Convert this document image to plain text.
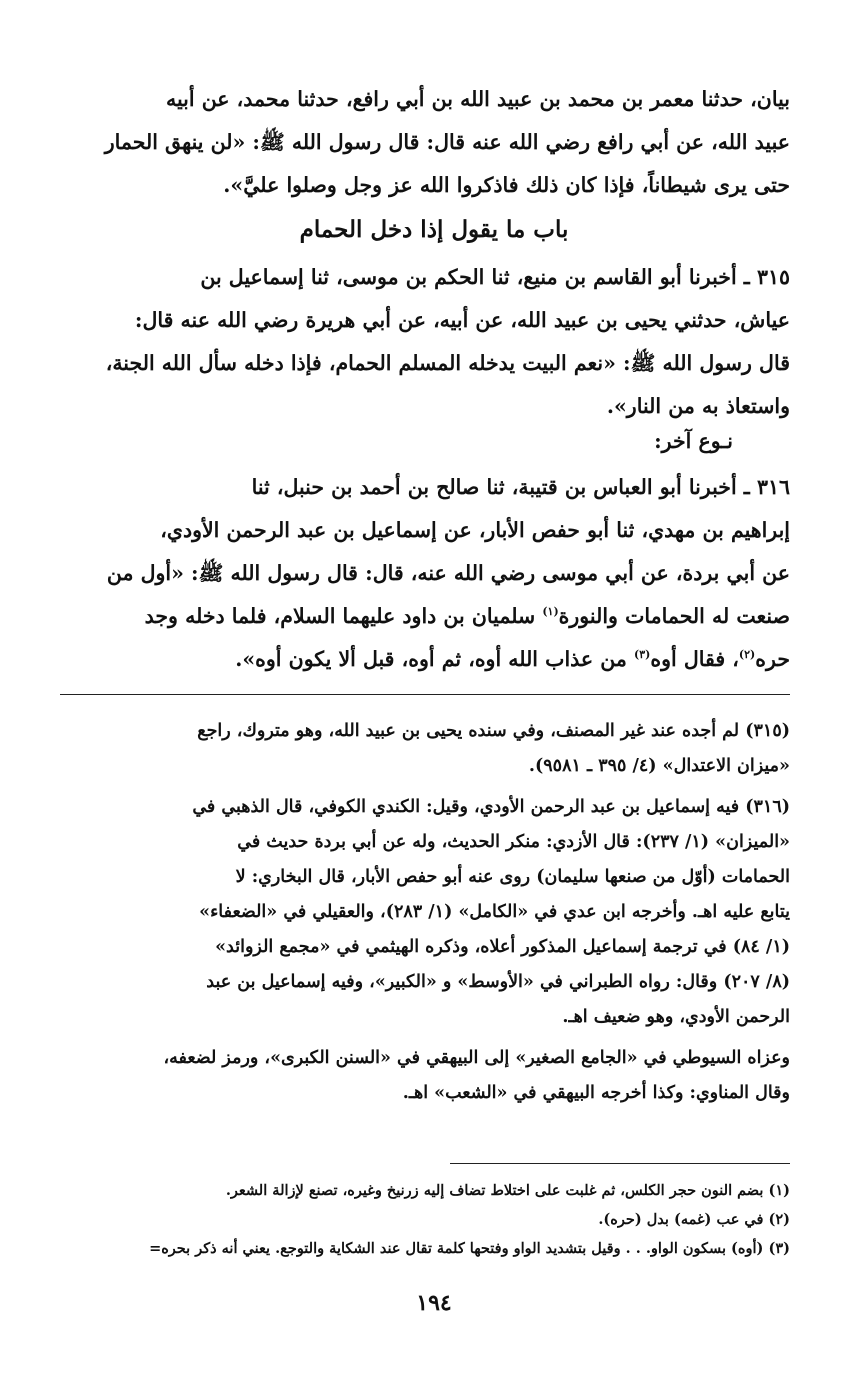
بيان، حدثنا معمر بن محمد بن عبيد الله بن أبي رافع، حدثنا محمد، عن أبيه
عبيد الله، عن أبي رافع رضي الله عنه قال: قال رسول الله ﷺ: «لن ينهق الحمار
حتى يرى شيطاناً، فإذا كان ذلك فاذكروا الله عز وجل وصلوا عليَّ».
باب ما يقول إذا دخل الحمام
٣١٥ ـ أخبرنا أبو القاسم بن منيع، ثنا الحكم بن موسى، ثنا إسماعيل بن
عياش، حدثني يحيى بن عبيد الله، عن أبيه، عن أبي هريرة رضي الله عنه قال:
قال رسول الله ﷺ: «نعم البيت يدخله المسلم الحمام، فإذا دخله سأل الله الجنة،
واستعاذ به من النار».
نـوع آخر:
٣١٦ ـ أخبرنا أبو العباس بن قتيبة، ثنا صالح بن أحمد بن حنبل، ثنا
إبراهيم بن مهدي، ثنا أبو حفص الأبار، عن إسماعيل بن عبد الرحمن الأودي،
عن أبي بردة، عن أبي موسى رضي الله عنه، قال: قال رسول الله ﷺ: «أول من
صنعت له الحمامات والنورة$^{(١)}$ سلميان بن داود عليهما السلام، فلما دخله وجد
حره$^{(٢)}$، فقال أوه$^{(٣)}$ من عذاب الله أوه، ثم أوه، قبل ألا يكون أوه».
(٣١٥) لم أجده عند غير المصنف، وفي سنده يحيى بن عبيد الله، وهو متروك، راجع
«ميزان الاعتدال» (٤/ ٣٩٥ ـ ٩٥٨١).
(٣١٦) فيه إسماعيل بن عبد الرحمن الأودي، وقيل: الكندي الكوفي، قال الذهبي في
«الميزان» (١/ ٢٣٧): قال الأزدي: منكر الحديث، وله عن أبي بردة حديث في
الحمامات (أوّل من صنعها سليمان) روى عنه أبو حفص الأبار، قال البخاري: لا
يتابع عليه اهـ. وأخرجه ابن عدي في «الكامل» (١/ ٢٨٣)، والعقيلي في «الضعفاء»
(١/ ٨٤) في ترجمة إسماعيل المذكور أعلاه، وذكره الهيثمي في «مجمع الزوائد»
(٨/ ٢٠٧) وقال: رواه الطبراني في «الأوسط» و «الكبير»، وفيه إسماعيل بن عبد
الرحمن الأودي، وهو ضعيف اهـ.
وعزاه السيوطي في «الجامع الصغير» إلى البيهقي في «السنن الكبرى»، ورمز لضعفه،
وقال المناوي: وكذا أخرجه البيهقي في «الشعب» اهـ.
(١) بضم النون حجر الكلس، ثم غلبت على اختلاط تضاف إليه زرنيخ وغيره، تصنع لإزالة الشعر.
(٢) في عب (غمه) بدل (حره).
(٣) (أوه) بسكون الواو. . . وقيل بتشديد الواو وفتحها كلمة تقال عند الشكاية والتوجع. يعني أنه ذكر بحره=
١٩٤
